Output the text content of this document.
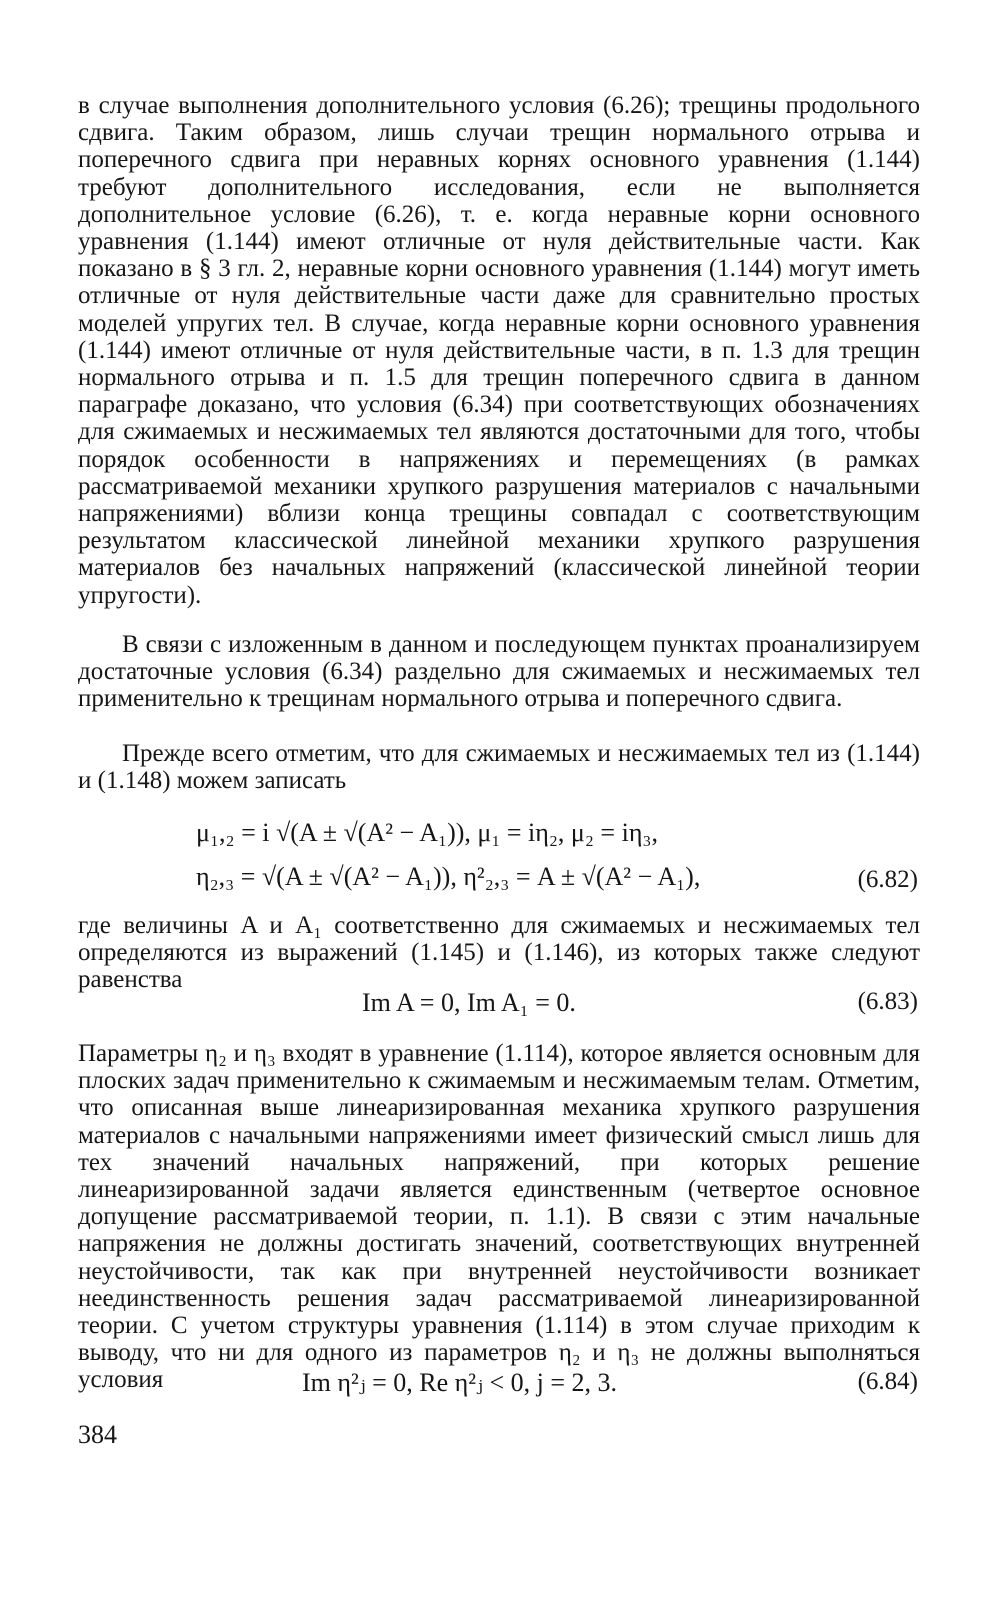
в случае выполнения дополнительного условия (6.26); трещины продольного сдвига. Таким образом, лишь случаи трещин нормального отрыва и поперечного сдвига при неравных корнях основного уравнения (1.144) требуют дополнительного исследования, если не выполняется дополнительное условие (6.26), т. е. когда неравные корни основного уравнения (1.144) имеют отличные от нуля действительные части. Как показано в § 3 гл. 2, неравные корни основного уравнения (1.144) могут иметь отличные от нуля действительные части даже для сравнительно простых моделей упругих тел. В случае, когда неравные корни основного уравнения (1.144) имеют отличные от нуля действительные части, в п. 1.3 для трещин нормального отрыва и п. 1.5 для трещин поперечного сдвига в данном параграфе доказано, что условия (6.34) при соответствующих обозначениях для сжимаемых и несжимаемых тел являются достаточными для того, чтобы порядок особенности в напряжениях и перемещениях (в рамках рассматриваемой механики хрупкого разрушения материалов с начальными напряжениями) вблизи конца трещины совпадал с соответствующим результатом классической линейной механики хрупкого разрушения материалов без начальных напряжений (классической линейной теории упругости).

В связи с изложенным в данном и последующем пунктах проанализируем достаточные условия (6.34) раздельно для сжимаемых и несжимаемых тел применительно к трещинам нормального отрыва и поперечного сдвига.

Прежде всего отметим, что для сжимаемых и несжимаемых тел из (1.144) и (1.148) можем записать

μ₁,₂ = i √(A ± √(A² − A₁)), μ₁ = iη₂, μ₂ = iη₃,
η₂,₃ = √(A ± √(A² − A₁)), η²₂,₃ = A ± √(A² − A₁),	(6.82)

где величины A и A₁ соответственно для сжимаемых и несжимаемых тел определяются из выражений (1.145) и (1.146), из которых также следуют равенства

Im A = 0, Im A₁ = 0.	(6.83)

Параметры η₂ и η₃ входят в уравнение (1.114), которое является основным для плоских задач применительно к сжимаемым и несжимаемым телам. Отметим, что описанная выше линеаризированная механика хрупкого разрушения материалов с начальными напряжениями имеет физический смысл лишь для тех значений начальных напряжений, при которых решение линеаризированной задачи является единственным (четвертое основное допущение рассматриваемой теории, п. 1.1). В связи с этим начальные напряжения не должны достигать значений, соответствующих внутренней неустойчивости, так как при внутренней неустойчивости возникает неединственность решения задач рассматриваемой линеаризированной теории. С учетом структуры уравнения (1.114) в этом случае приходим к выводу, что ни для одного из параметров η₂ и η₃ не должны выполняться условия	Im η²ⱼ = 0, Re η²ⱼ < 0, j = 2, 3.	(6.84)
384
